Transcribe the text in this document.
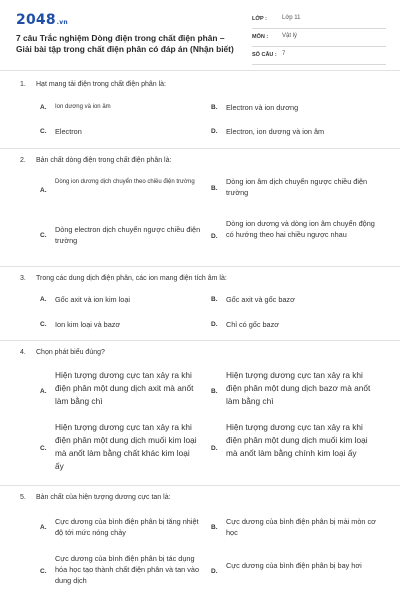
2048.vn
7 câu Trắc nghiệm Dòng điện trong chất điện phân – Giải bài tập trong chất điện phân có đáp án (Nhận biết)
LỚP :	Lớp 11
MÔN : Vật lý
SỐ CÂU : 7
1. Hạt mang tải điện trong chất điện phân là:
A. Ion dương và ion âm	B. Electron và ion dương
C. Electron	D. Electron, ion dương và ion âm
2. Bản chất dòng điện trong chất điện phân là:
A.
Dòng ion dương dịch chuyển theo chiều điện trường
B.
Dòng ion âm dịch chuyển ngược chiều điện trường
C.
Dòng electron dịch chuyển ngược chiều điện trường	D.
Dòng ion dương và dòng ion âm chuyển động có hướng theo hai chiều ngược nhau
3. Trong các dung dịch điện phân, các ion mang điện tích âm là:
A. Gốc axit và ion kim loại	B. Gốc axit và gốc bazơ
C. Ion kim loại và bazơ	D. Chỉ có gốc bazơ
4. Chọn phát biểu đúng?
A.
Hiện tượng dương cực tan xảy ra khi điện phân một dung dịch axit mà anốt làm bằng chì
B.
Hiện tượng dương cực tan xảy ra khi điện phân một dung dịch bazơ mà anốt làm bằng chì
C.
Hiện tượng dương cực tan xảy ra khi điện phân một dung dịch muối kim loại mà anốt làm bằng chất khác kim loại ấy
D.
Hiện tượng dương cực tan xảy ra khi điện phân một dung dịch muối kim loại mà anốt làm bằng chính kim loại ấy
5. Bản chất của hiện tượng dương cực tan là:
A.
Cực dương của bình điện phân bị tăng nhiệt độ tới mức nóng chảy
B.
Cực dương của bình điện phân bị mài mòn cơ học
C.
Cực dương của bình điện phân bị tác dụng hóa học tạo thành chất điện phân và tan vào dung dịch
D.
Cực dương của bình điện phân bị bay hơi
